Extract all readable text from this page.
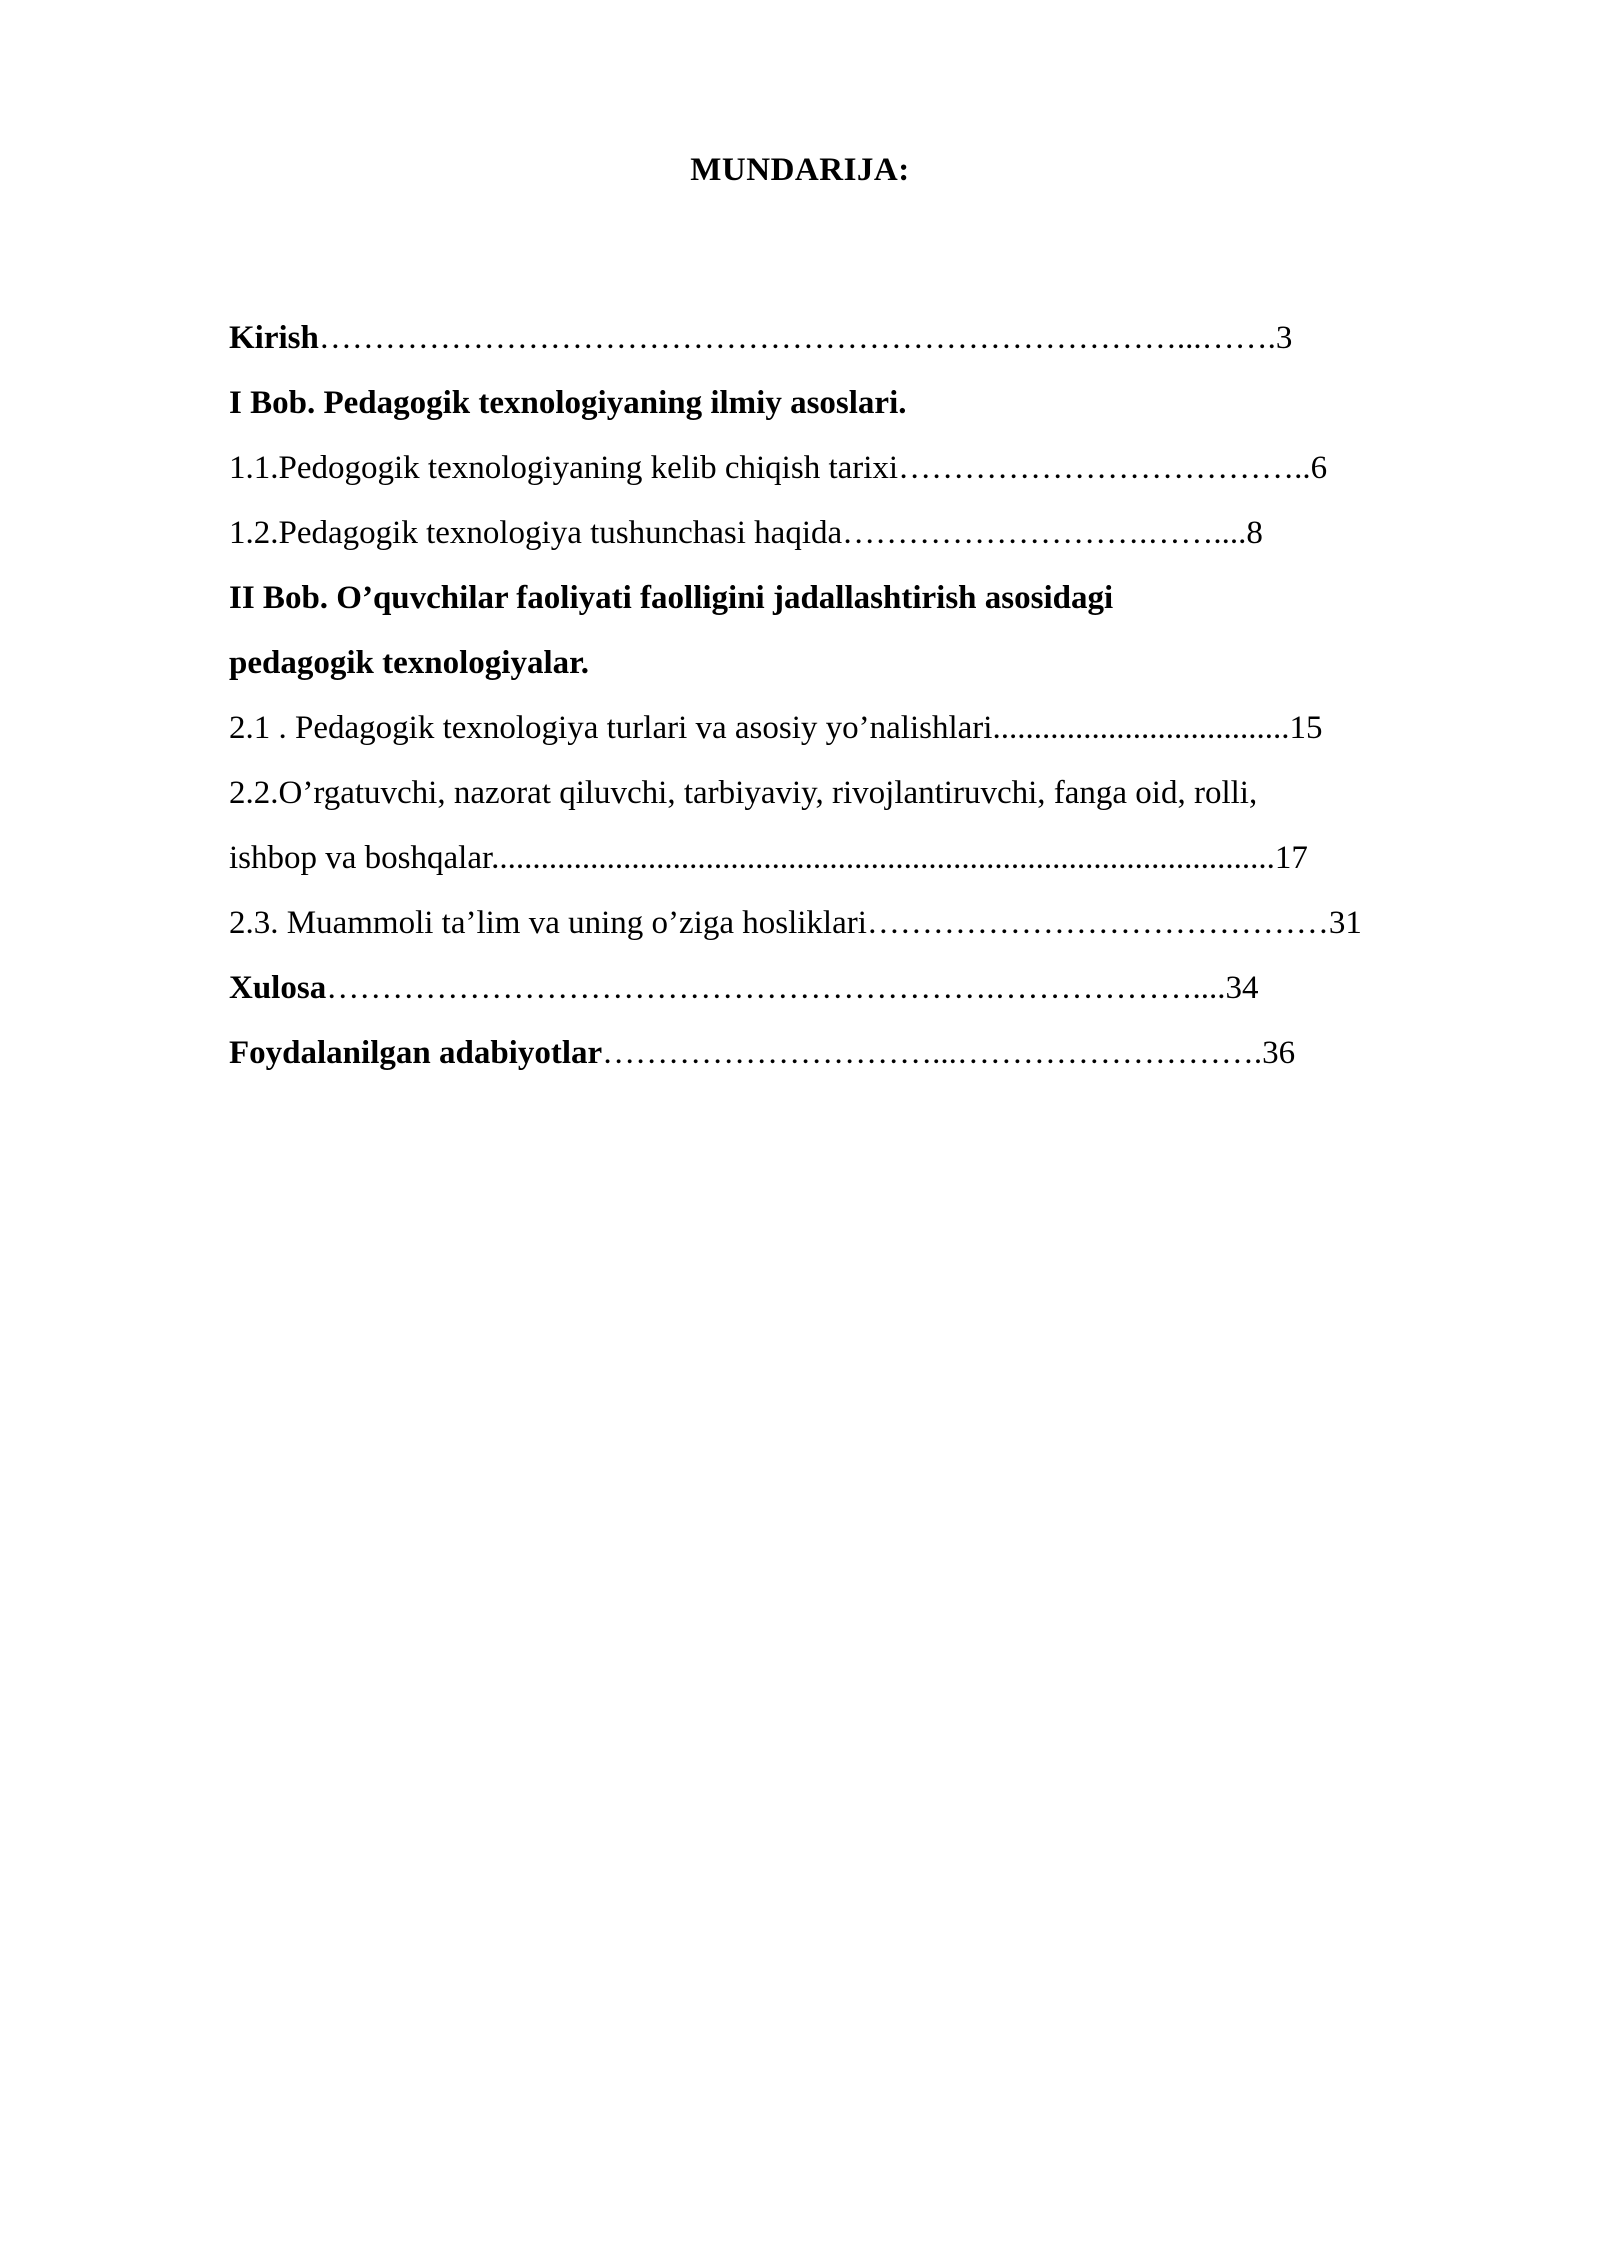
MUNDARIJA:
Kirish……………………………………………………………………...…….3
I Bob. Pedagogik texnologiyaning ilmiy asoslari.
1.1.Pedogogik texnologiyaning kelib chiqish tarixi………………………………..6
1.2.Pedagogik texnologiya tushunchasi haqida……………………….……....8
II Bob. O’quvchilar faoliyati faolligini jadallashtirish asosidagi
pedagogik texnologiyalar.
2.1 . Pedagogik texnologiya turlari va asosiy yo’nalishlari....................................15
2.2.O’rgatuvchi, nazorat qiluvchi, tarbiyaviy, rivojlantiruvchi, fanga oid, rolli,
ishbop va boshqalar...............................................................................................17
2.3. Muammoli ta’lim va uning o’ziga hosliklari……………………………………31
Xulosa…………………………………………………….………………....34
Foydalanilgan adabiyotlar…………………………...……………………….36
